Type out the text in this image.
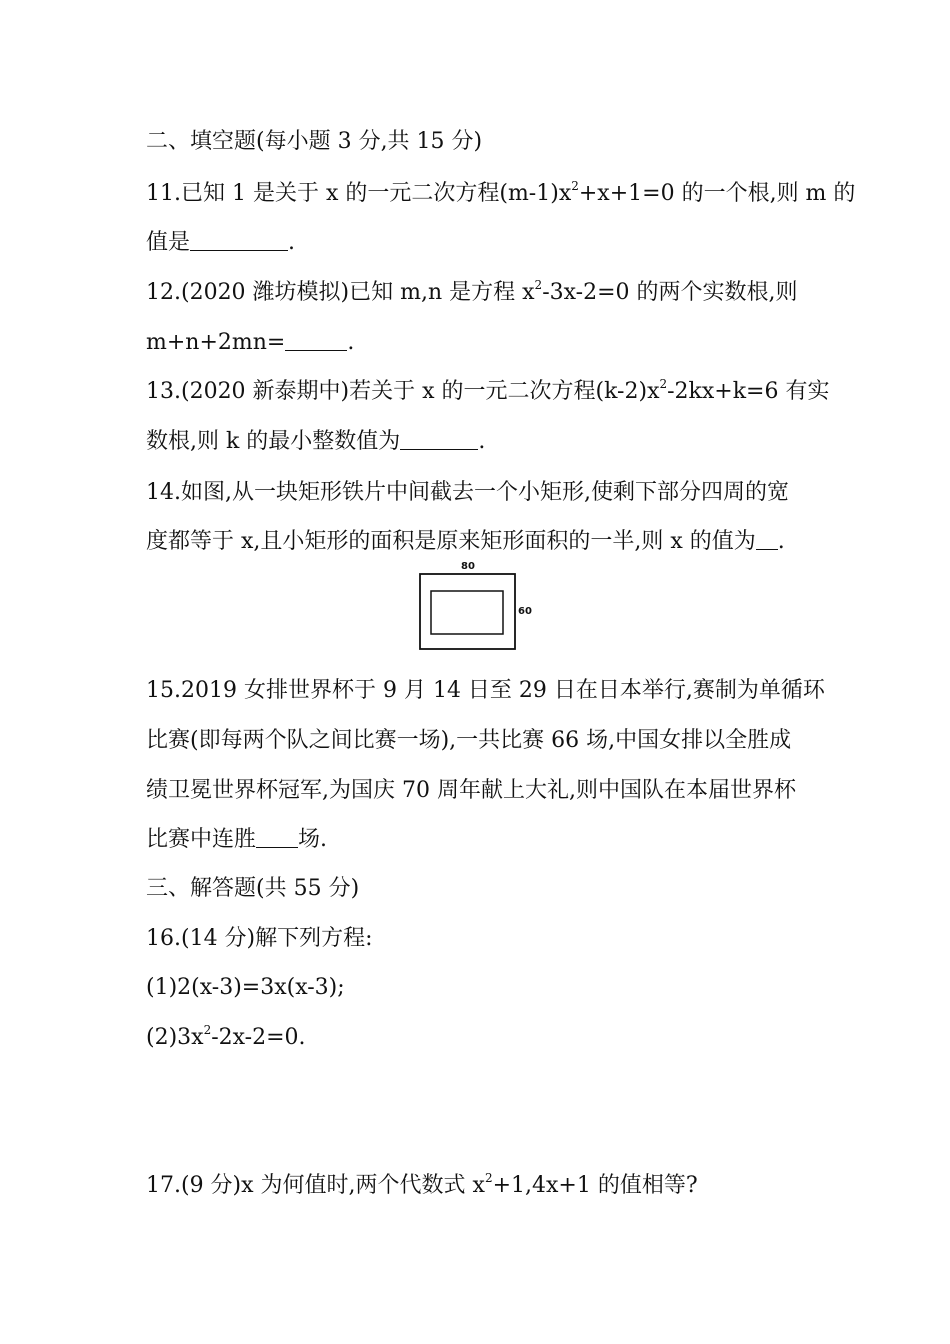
二、填空题(每小题 3 分,共 15 分)
11.已知 1 是关于 x 的一元二次方程$(m-1)x^2+x+1=0$ 的一个根,则 m 的
值是	.
12.(2020 潍坊模拟)已知 m,n 是方程 $x^2-3x-2=0$ 的两个实数根,则
m+n+2mn=	.
13.(2020 新泰期中)若关于 x 的一元二次方程$(k-2)x^2-2kx+k=6$ 有实
数根,则 k 的最小整数值为	.
14.如图,从一块矩形铁片中间截去一个小矩形,使剩下部分四周的宽
度都等于 x,且小矩形的面积是原来矩形面积的一半,则 x 的值为 .
80
60
15.2019 女排世界杯于 9 月 14 日至 29 日在日本举行,赛制为单循环
比赛(即每两个队之间比赛一场),一共比赛 66 场,中国女排以全胜成
绩卫冕世界杯冠军,为国庆 70 周年献上大礼,则中国队在本届世界杯
比赛中连胜 场.
三、解答题(共 55 分)
16.(14 分)解下列方程:
(1)2(x-3)=3x(x-3);
$(2)3x^2-2x-2=0$.
17.(9 分)x 为何值时,两个代数式 $x^2+1,4x+1$ 的值相等?
